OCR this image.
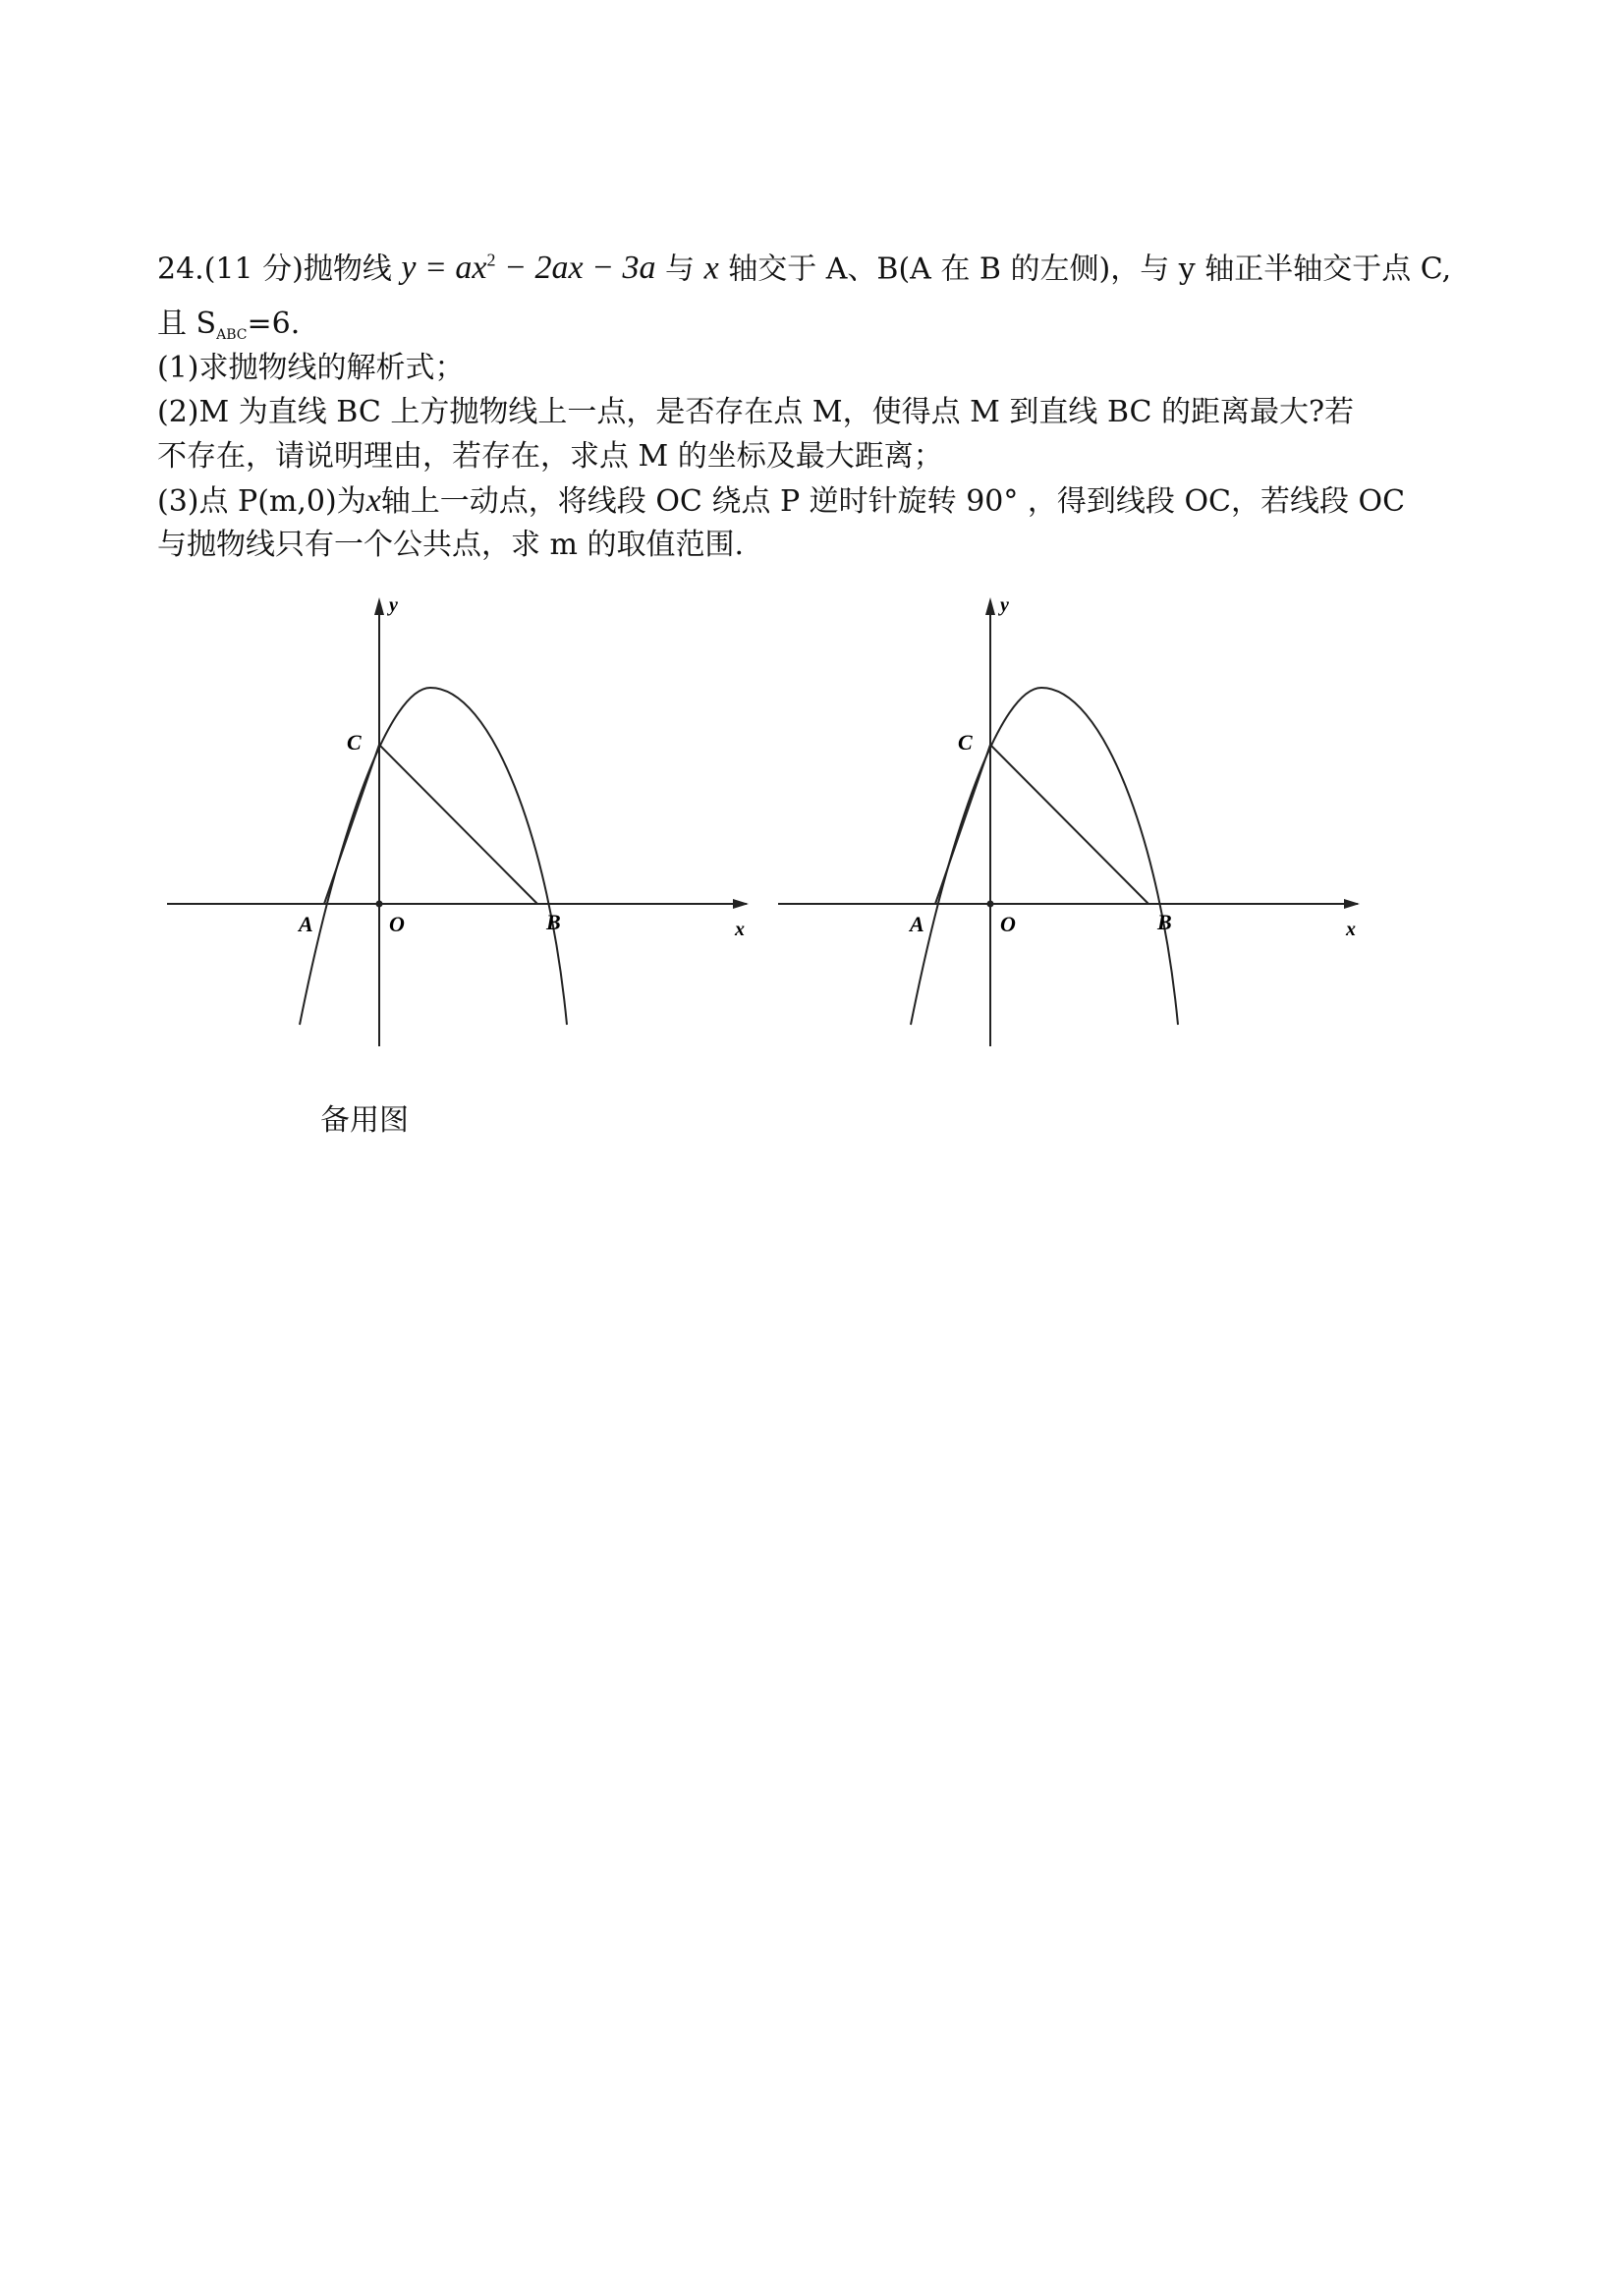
24.(11 分)抛物线 $y = ax^2 - 2ax - 3a$ 与 x 轴交于 A、B(A 在 B 的左侧)，与 y 轴正半轴交于点 C,
且 $S_{ABC}=6$.
(1)求抛物线的解析式；
(2)M 为直线 BC 上方抛物线上一点，是否存在点 M，使得点 M 到直线 BC 的距离最大?若
不存在，请说明理由，若存在，求点 M 的坐标及最大距离；
(3)点 P(m,0)为x轴上一动点，将线段 OC 绕点 P 逆时针旋转 90° ，得到线段 OC，若线段 OC
与抛物线只有一个公共点，求 m 的取值范围.
y
C
A	O	B	x
y
C
A	O	B	x
备用图
